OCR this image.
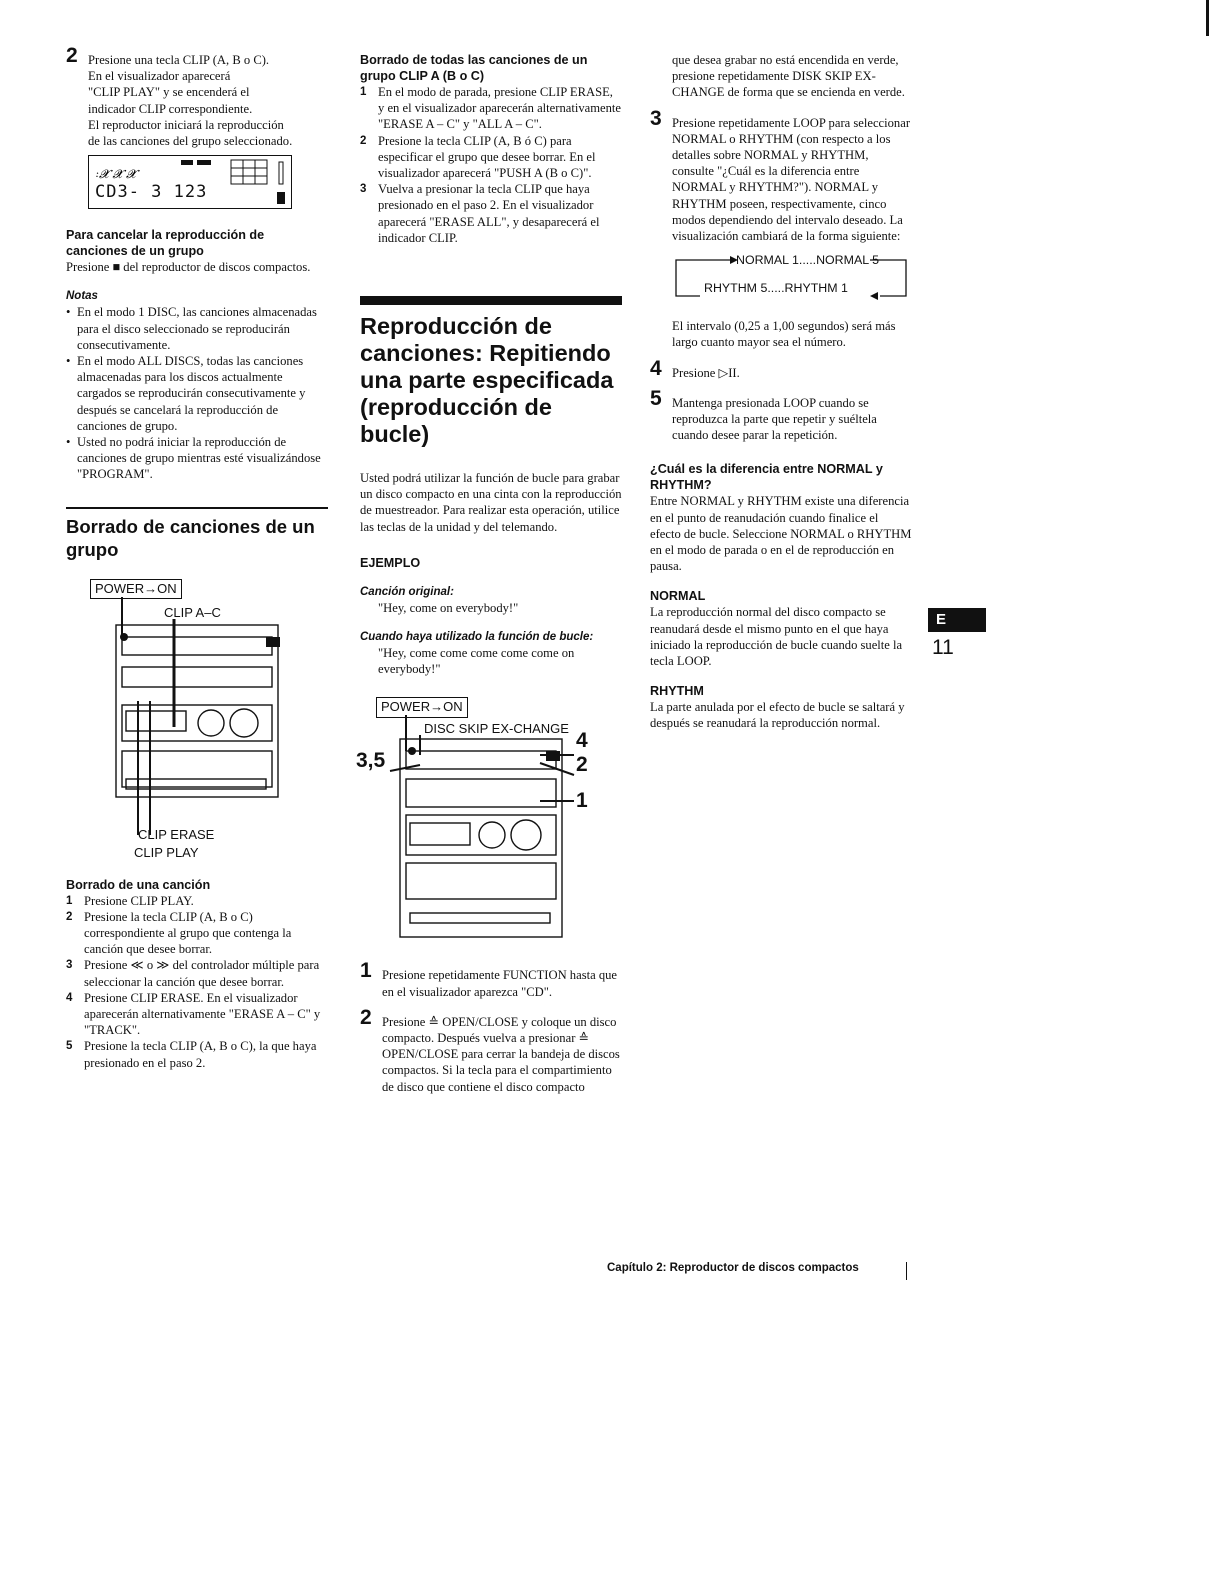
2 Presione una tecla CLIP (A, B o C).

En el visualizador aparecerá

"CLIP PLAY" y se encenderá el

indicador CLIP correspondiente.

El reproductor iniciará la reproducción

de las canciones del grupo seleccionado.

꞉𝓧 𝓧 𝓧
CD3- 3 123

Para cancelar la reproducción de canciones de un grupo

Presione ■ del reproductor de discos compactos.

Notas

• En el modo 1 DISC, las canciones almacenadas para el disco seleccionado se reproducirán consecutivamente.

• En el modo ALL DISCS, todas las canciones almacenadas para los discos actualmente cargados se reproducirán consecutivamente y después se cancelará la reproducción de canciones de grupo.

• Usted no podrá iniciar la reproducción de canciones de grupo mientras esté visualizándose "PROGRAM".

Borrado de canciones de un grupo

POWER→ON
CLIP A–C
CLIP ERASE
CLIP PLAY

Borrado de una canción

1 Presione CLIP PLAY.

2 Presione la tecla CLIP (A, B o C) correspondiente al grupo que contenga la canción que desee borrar.

3 Presione ≪ o ≫ del controlador múltiple para seleccionar la canción que desee borrar.

4 Presione CLIP ERASE. En el visualizador aparecerán alternativamente "ERASE A – C" y "TRACK".

5 Presione la tecla CLIP (A, B o C), la que haya presionado en el paso 2.

Borrado de todas las canciones de un grupo CLIP A (B o C)

1 En el modo de parada, presione CLIP ERASE, y en el visualizador aparecerán alternativamente "ERASE A – C" y "ALL A – C".

2 Presione la tecla CLIP (A, B ó C) para especificar el grupo que desee borrar. En el visualizador aparecerá "PUSH A (B o C)".

3 Vuelva a presionar la tecla CLIP que haya presionado en el paso 2. En el visualizador aparecerá "ERASE ALL", y desaparecerá el indicador CLIP.

Reproducción de canciones: Repitiendo una parte especificada (reproducción de bucle)

Usted podrá utilizar la función de bucle para grabar un disco compacto en una cinta con la reproducción de muestreador. Para realizar esta operación, utilice las teclas de la unidad y del telemando.

EJEMPLO

Canción original:

"Hey, come on everybody!"

Cuando haya utilizado la función de bucle:

"Hey, come come come come come on everybody!"

POWER→ON
DISC SKIP EX-CHANGE
3,5
4
2
1
1 Presione repetidamente FUNCTION hasta que en el visualizador aparezca "CD".

2 Presione ≙ OPEN/CLOSE y coloque un disco compacto. Después vuelva a presionar ≙ OPEN/CLOSE para cerrar la bandeja de discos compactos. Si la tecla para el compartimiento de disco que contiene el disco compacto

que desea grabar no está encendida en verde, presione repetidamente DISK SKIP EX-CHANGE de forma que se encienda en verde.

3 Presione repetidamente LOOP para seleccionar NORMAL o RHYTHM (con respecto a los detalles sobre NORMAL y RHYTHM, consulte "¿Cuál es la diferencia entre NORMAL y RHYTHM?"). NORMAL y RHYTHM poseen, respectivamente, cinco modos dependiendo del intervalo deseado. La visualización cambiará de la forma siguiente:

NORMAL 1.....NORMAL 5
RHYTHM 5.....RHYTHM 1

El intervalo (0,25 a 1,00 segundos) será más largo cuanto mayor sea el número.

4 Presione ▷II.

5 Mantenga presionada LOOP cuando se reproduzca la parte que repetir y suéltela cuando desee parar la repetición.

¿Cuál es la diferencia entre NORMAL y RHYTHM?

Entre NORMAL y RHYTHM existe una diferencia en el punto de reanudación cuando finalice el efecto de bucle. Seleccione NORMAL o RHYTHM en el modo de parada o en el de reproducción en pausa.

NORMAL

La reproducción normal del disco compacto se reanudará desde el mismo punto en el que haya iniciado la reproducción de bucle cuando suelte la tecla LOOP.

RHYTHM

La parte anulada por el efecto de bucle se saltará y después se reanudará la reproducción normal.

E
11
Capítulo 2: Reproductor de discos compactos
